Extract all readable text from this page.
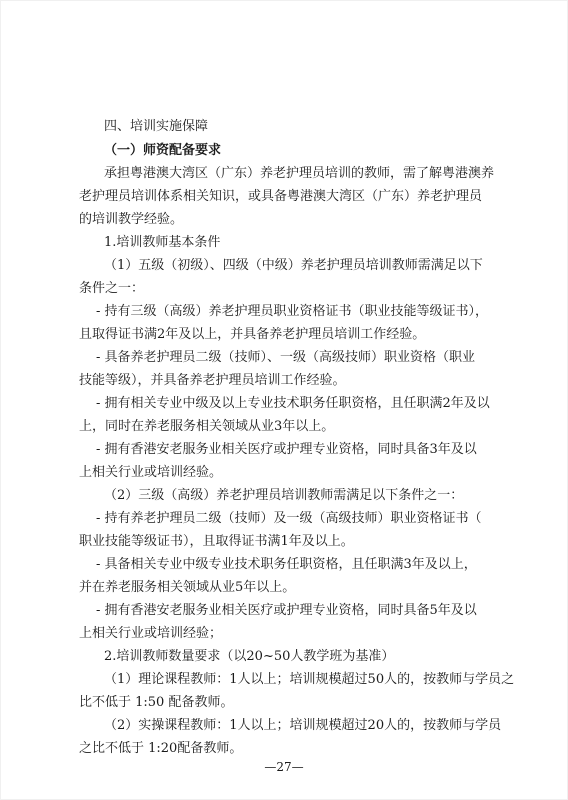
四、培训实施保障
（一）师资配备要求
承担粤港澳大湾区（广东）养老护理员培训的教师，需了解粤港澳养
老护理员培训体系相关知识，或具备粤港澳大湾区（广东）养老护理员
的培训教学经验。
1.培训教师基本条件
（1）五级（初级）、四级（中级）养老护理员培训教师需满足以下
条件之一：
- 持有三级（高级）养老护理员职业资格证书（职业技能等级证书），
且取得证书满2年及以上，并具备养老护理员培训工作经验。
- 具备养老护理员二级（技师）、一级（高级技师）职业资格（职业
技能等级），并具备养老护理员培训工作经验。
- 拥有相关专业中级及以上专业技术职务任职资格，且任职满2年及以
上，同时在养老服务相关领域从业3年以上。
- 拥有香港安老服务业相关医疗或护理专业资格，同时具备3年及以
上相关行业或培训经验。
（2）三级（高级）养老护理员培训教师需满足以下条件之一：
- 持有养老护理员二级（技师）及一级（高级技师）职业资格证书（
职业技能等级证书），且取得证书满1年及以上。
- 具备相关专业中级专业技术职务任职资格，且任职满3年及以上，
并在养老服务相关领域从业5年以上。
- 拥有香港安老服务业相关医疗或护理专业资格，同时具备5年及以
上相关行业或培训经验；
2.培训教师数量要求（以20~50人教学班为基准）
（1）理论课程教师：1人以上；培训规模超过50人的，按教师与学员之
比不低于 1:50 配备教师。
（2）实操课程教师：1人以上；培训规模超过20人的，按教师与学员
之比不低于 1:20配备教师。
—27—
